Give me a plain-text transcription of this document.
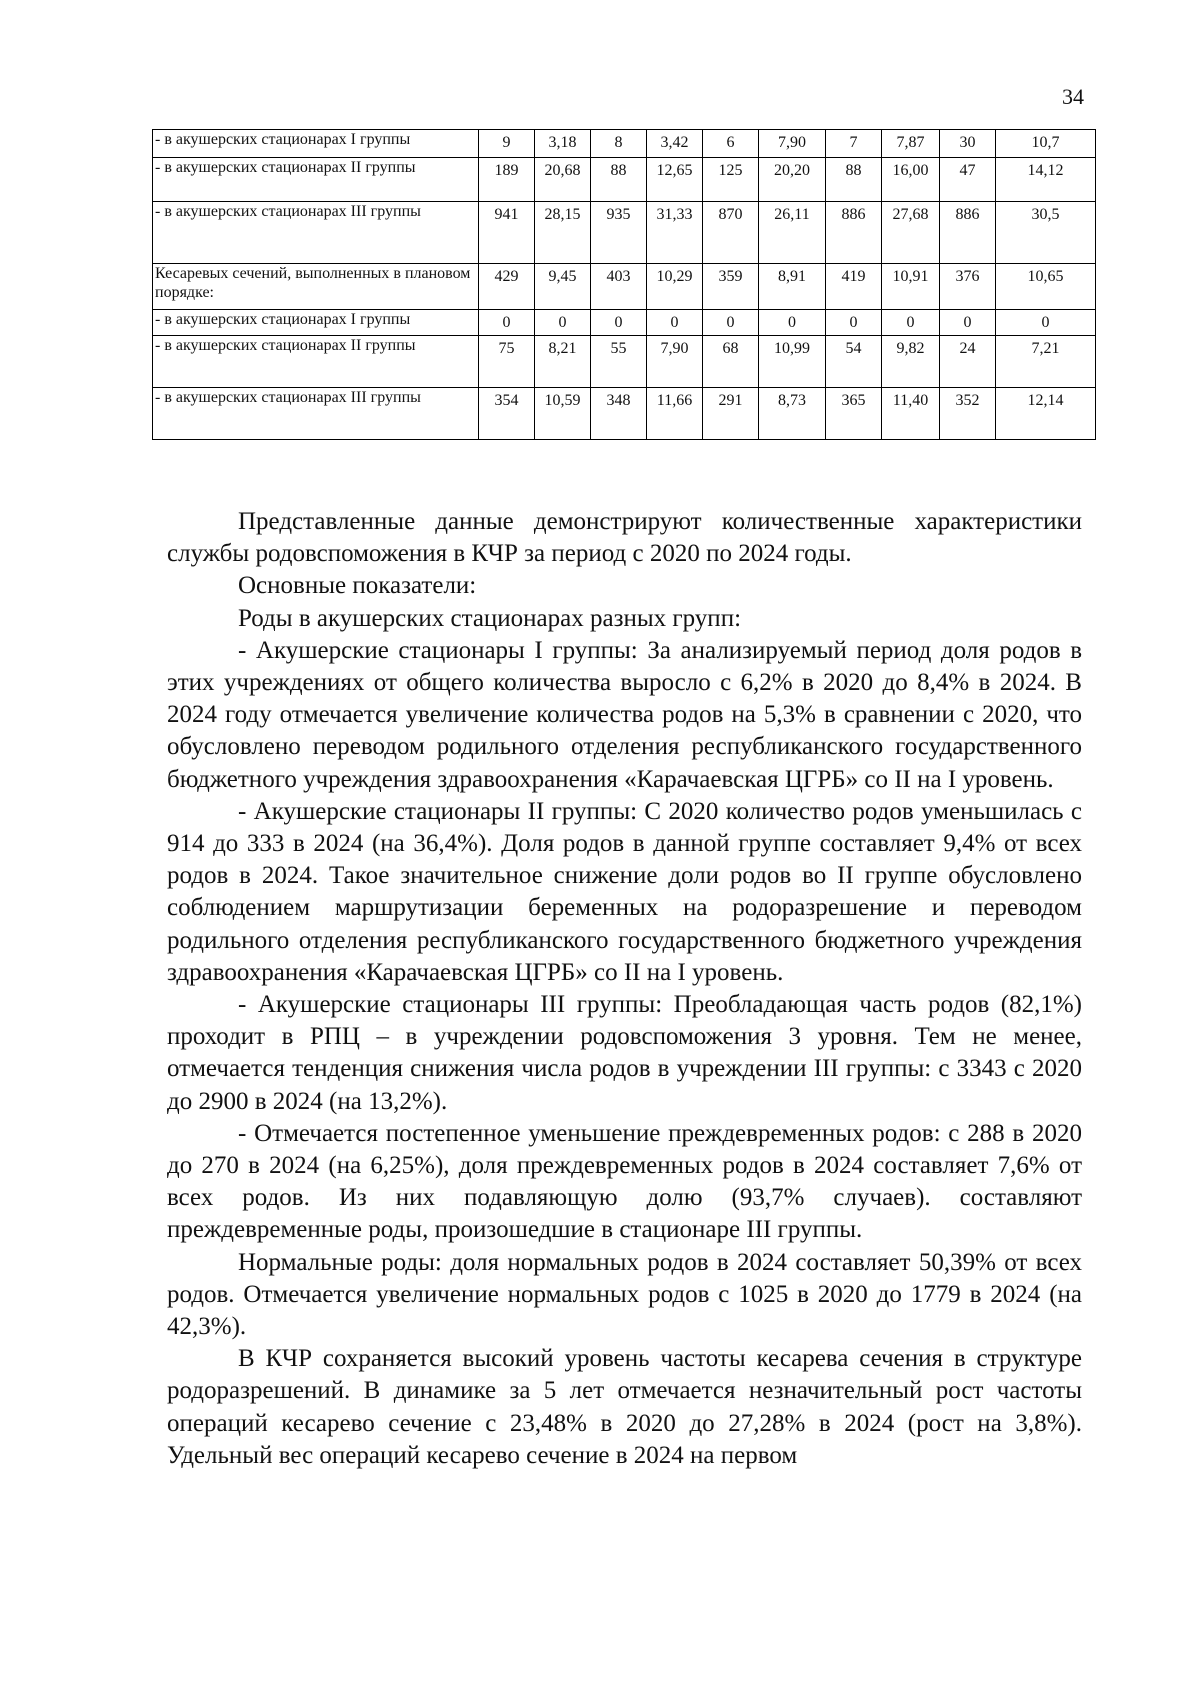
34
- в акушерских стационарах I группы	9	3,18	8	3,42	6	7,90	7	7,87	30	10,7
- в акушерских стационарах II группы	189	20,68	88	12,65	125	20,20	88	16,00	47	14,12
- в акушерских стационарах III группы	941	28,15	935	31,33	870	26,11	886	27,68	886	30,5
Кесаревых сечений, выполненных в плановом порядке:	429	9,45	403	10,29	359	8,91	419	10,91	376	10,65
- в акушерских стационарах I группы	0	0	0	0	0	0	0	0	0	0
- в акушерских стационарах II группы	75	8,21	55	7,90	68	10,99	54	9,82	24	7,21
- в акушерских стационарах III группы	354	10,59	348	11,66	291	8,73	365	11,40	352	12,14

Представленные данные демонстрируют количественные характеристики службы родовспоможения в КЧР за период с 2020 по 2024 годы.

Основные показатели:

Роды в акушерских стационарах разных групп:

- Акушерские стационары I группы: За анализируемый период доля родов в этих учреждениях от общего количества выросло с 6,2% в 2020 до 8,4% в 2024. В 2024 году отмечается увеличение количества родов на 5,3% в сравнении с 2020, что обусловлено переводом родильного отделения республиканского государственного бюджетного учреждения здравоохранения «Карачаевская ЦГРБ» со II на I уровень.

- Акушерские стационары II группы: С 2020 количество родов уменьшилась с 914 до 333 в 2024 (на 36,4%). Доля родов в данной группе составляет 9,4% от всех родов в 2024. Такое значительное снижение доли родов во II группе обусловлено соблюдением маршрутизации беременных на родоразрешение и переводом родильного отделения республиканского государственного бюджетного учреждения здравоохранения «Карачаевская ЦГРБ» со II на I уровень.

- Акушерские стационары III группы: Преобладающая часть родов (82,1%) проходит в РПЦ – в учреждении родовспоможения 3 уровня. Тем не менее, отмечается тенденция снижения числа родов в учреждении III группы: с 3343 с 2020 до 2900 в 2024 (на 13,2%).

- Отмечается постепенное уменьшение преждевременных родов: с 288 в 2020 до 270 в 2024 (на 6,25%), доля преждевременных родов в 2024 составляет 7,6% от всех родов. Из них подавляющую долю (93,7% случаев). составляют преждевременные роды, произошедшие в стационаре III группы.

Нормальные роды: доля нормальных родов в 2024 составляет 50,39% от всех родов. Отмечается увеличение нормальных родов с 1025 в 2020 до 1779 в 2024 (на 42,3%).

В КЧР сохраняется высокий уровень частоты кесарева сечения в структуре родоразрешений. В динамике за 5 лет отмечается незначительный рост частоты операций кесарево сечение с 23,48% в 2020 до 27,28% в 2024 (рост на 3,8%). Удельный вес операций кесарево сечение в 2024 на первом
